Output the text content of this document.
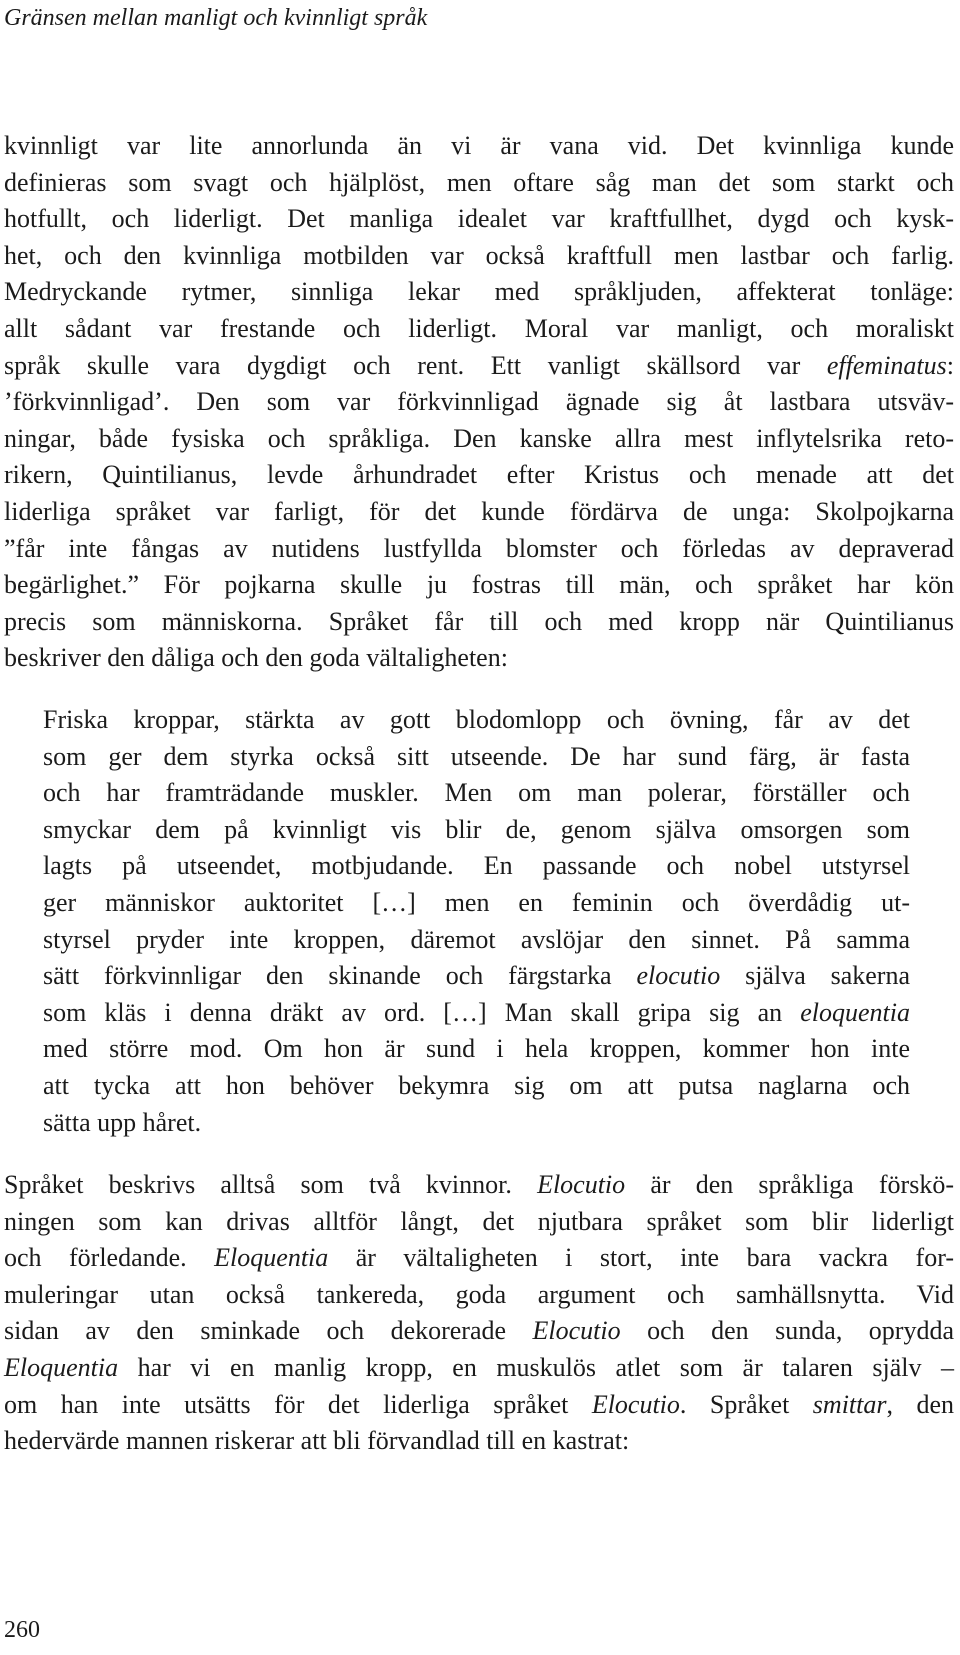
Gränsen mellan manligt och kvinnligt språk
kvinnligt var lite annorlunda än vi är vana vid. Det kvinnliga kunde
definieras som svagt och hjälplöst, men oftare såg man det som starkt och
hotfullt, och liderligt. Det manliga idealet var kraftfullhet, dygd och kysk-
het, och den kvinnliga motbilden var också kraftfull men lastbar och farlig.
Medryckande rytmer, sinnliga lekar med språkljuden, affekterat tonläge:
allt sådant var frestande och liderligt. Moral var manligt, och moraliskt
språk skulle vara dygdigt och rent. Ett vanligt skällsord var effeminatus:
’förkvinnligad’. Den som var förkvinnligad ägnade sig åt lastbara utsväv-
ningar, både fysiska och språkliga. Den kanske allra mest inflytelsrika reto-
rikern, Quintilianus, levde århundradet efter Kristus och menade att det
liderliga språket var farligt, för det kunde fördärva de unga: Skolpojkarna
”får inte fångas av nutidens lustfyllda blomster och förledas av depraverad
begärlighet.” För pojkarna skulle ju fostras till män, och språket har kön
precis som människorna. Språket får till och med kropp när Quintilianus
beskriver den dåliga och den goda vältaligheten:
Friska kroppar, stärkta av gott blodomlopp och övning, får av det
som ger dem styrka också sitt utseende. De har sund färg, är fasta
och har framträdande muskler. Men om man polerar, förställer och
smyckar dem på kvinnligt vis blir de, genom själva omsorgen som
lagts på utseendet, motbjudande. En passande och nobel utstyrsel
ger människor auktoritet […] men en feminin och överdådig ut-
styrsel pryder inte kroppen, däremot avslöjar den sinnet. På samma
sätt förkvinnligar den skinande och färgstarka elocutio själva sakerna
som kläs i denna dräkt av ord. […] Man skall gripa sig an eloquentia
med större mod. Om hon är sund i hela kroppen, kommer hon inte
att tycka att hon behöver bekymra sig om att putsa naglarna och
sätta upp håret.
Språket beskrivs alltså som två kvinnor. Elocutio är den språkliga förskö-
ningen som kan drivas alltför långt, det njutbara språket som blir liderligt
och förledande. Eloquentia är vältaligheten i stort, inte bara vackra for-
muleringar utan också tankereda, goda argument och samhällsnytta. Vid
sidan av den sminkade och dekorerade Elocutio och den sunda, oprydda
Eloquentia har vi en manlig kropp, en muskulös atlet som är talaren själv –
om han inte utsätts för det liderliga språket Elocutio. Språket smittar, den
hedervärde mannen riskerar att bli förvandlad till en kastrat:
260
